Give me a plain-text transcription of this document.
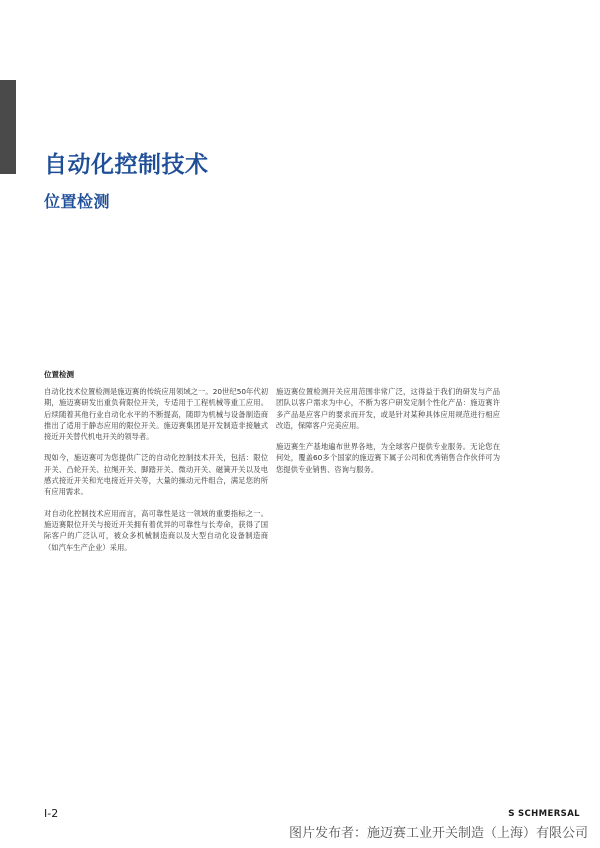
自动化控制技术
位置检测
位置检测

自动化技术位置检测是施迈赛的传统应用领域之一。20世纪50年代初期，施迈赛研发出重负荷限位开关，专适用于工程机械等重工应用。后续随着其他行业自动化水平的不断提高，随即为机械与设备制造商推出了适用于静态应用的限位开关。施迈赛集团是开发制造非接触式接近开关替代机电开关的领导者。

现如今，施迈赛可为您提供广泛的自动化控制技术开关，包括：限位开关、凸轮开关、拉绳开关、脚踏开关、微动开关、磁簧开关以及电感式接近开关和光电接近开关等，大量的操动元件组合，满足您的所有应用需求。

对自动化控制技术应用而言，高可靠性是这一领域的重要指标之一。施迈赛限位开关与接近开关拥有着优异的可靠性与长寿命，获得了国际客户的广泛认可，被众多机械制造商以及大型自动化设备制造商（如汽车生产企业）采用。

施迈赛位置检测开关应用范围非常广泛，这得益于我们的研发与产品团队以客户需求为中心，不断为客户研发定制个性化产品：施迈赛许多产品是应客户的要求而开发，或是针对某种具体应用规范进行相应改造，保障客户完美应用。

施迈赛生产基地遍布世界各地，为全球客户提供专业服务。无论您在何处，覆盖60多个国家的施迈赛下属子公司和优秀销售合作伙伴可为您提供专业销售、咨询与服务。

I-2	S SCHMERSAL
图片发布者：施迈赛工业开关制造（上海）有限公司
